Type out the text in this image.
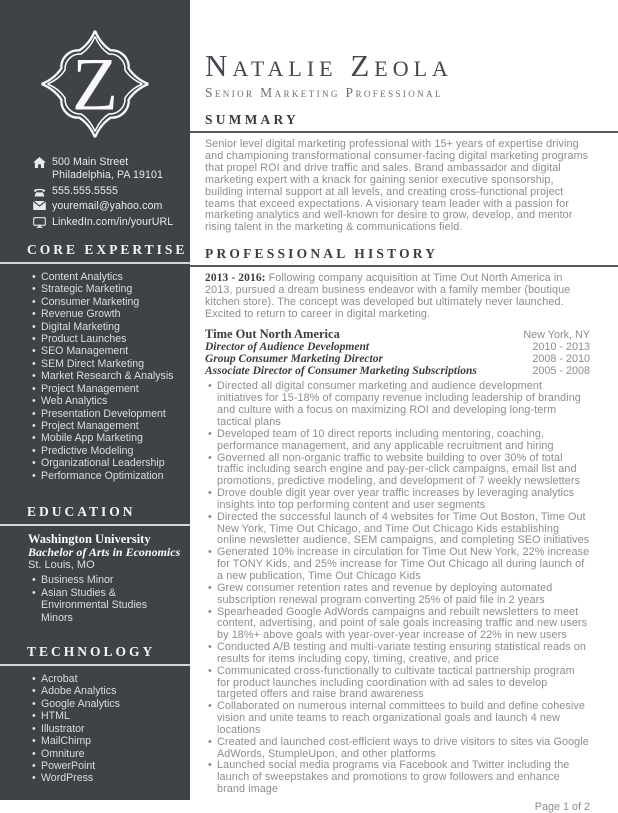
Z
500 Main Street
Philadelphia, PA 19101
555.555.5555
youremail@yahoo.com
LinkedIn.com/in/yourURL
CORE EXPERTISE
• Content Analytics
• Strategic Marketing
• Consumer Marketing
• Revenue Growth
• Digital Marketing
• Product Launches
• SEO Management
• SEM Direct Marketing
• Market Research & Analysis
• Project Management
• Web Analytics
• Presentation Development
• Project Management
• Mobile App Marketing
• Predictive Modeling
• Organizational Leadership
• Performance Optimization
EDUCATION
Washington University
Bachelor of Arts in Economics
St. Louis, MO
• Business Minor
• Asian Studies & Environmental Studies Minors
TECHNOLOGY
• Acrobat
• Adobe Analytics
• Google Analytics
• HTML
• Illustrator
• MailChimp
• Omniture
• PowerPoint
• WordPress
Natalie Zeola
Senior Marketing Professional
SUMMARY

Senior level digital marketing professional with 15+ years of expertise driving and championing transformational consumer-facing digital marketing programs that propel ROI and drive traffic and sales. Brand ambassador and digital marketing expert with a knack for gaining senior executive sponsorship, building internal support at all levels, and creating cross-functional project teams that exceed expectations. A visionary team leader with a passion for marketing analytics and well-known for desire to grow, develop, and mentor rising talent in the marketing & communications field.

PROFESSIONAL HISTORY

2013 - 2016: Following company acquisition at Time Out North America in 2013, pursued a dream business endeavor with a family member (boutique kitchen store). The concept was developed but ultimately never launched. Excited to return to career in digital marketing.

Time Out North America	New York, NY
Director of Audience Development	2010 - 2013
Group Consumer Marketing Director	2008 - 2010
Associate Director of Consumer Marketing Subscriptions	2005 - 2008
• Directed all digital consumer marketing and audience development initiatives for 15-18% of company revenue including leadership of branding and culture with a focus on maximizing ROI and developing long-term tactical plans
• Developed team of 10 direct reports including mentoring, coaching, performance management, and any applicable recruitment and hiring
• Governed all non-organic traffic to website building to over 30% of total traffic including search engine and pay-per-click campaigns, email list and promotions, predictive modeling, and development of 7 weekly newsletters
• Drove double digit year over year traffic increases by leveraging analytics insights into top performing content and user segments
• Directed the successful launch of 4 websites for Time Out Boston, Time Out New York, Time Out Chicago, and Time Out Chicago Kids establishing online newsletter audience, SEM campaigns, and completing SEO initiatives
• Generated 10% increase in circulation for Time Out New York, 22% increase for TONY Kids, and 25% increase for Time Out Chicago all during launch of a new publication, Time Out Chicago Kids
• Grew consumer retention rates and revenue by deploying automated subscription renewal program converting 25% of paid file in 2 years
• Spearheaded Google AdWords campaigns and rebuilt newsletters to meet content, advertising, and point of sale goals increasing traffic and new users by 18%+ above goals with year-over-year increase of 22% in new users
• Conducted A/B testing and multi-variate testing ensuring statistical reads on results for items including copy, timing, creative, and price
• Communicated cross-functionally to cultivate tactical partnership program for product launches including coordination with ad sales to develop targeted offers and raise brand awareness
• Collaborated on numerous internal committees to build and define cohesive vision and unite teams to reach organizational goals and launch 4 new locations
• Created and launched cost-efficient ways to drive visitors to sites via Google AdWords, StumpleUpon, and other platforms
• Launched social media programs via Facebook and Twitter including the launch of sweepstakes and promotions to grow followers and enhance brand image
Page 1 of 2
